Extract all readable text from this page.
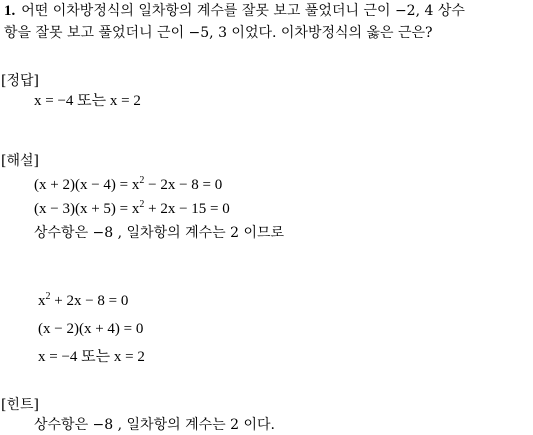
1. 어떤 이차방정식의 일차항의 계수를 잘못 보고 풀었더니 근이 −2, 4 상수
항을 잘못 보고 풀었더니 근이 −5, 3 이었다. 이차방정식의 옳은 근은?
[정답]
x = −4 또는 x = 2
[해설]
$(x + 2)(x - 4) = x^2 - 2x - 8 = 0$
$(x - 3)(x + 5) = x^2 + 2x - 15 = 0$
상수항은 −8 , 일차항의 계수는 2 이므로
$x^2 + 2x - 8 = 0$
(x − 2)(x + 4) = 0
x = −4 또는 x = 2
[힌트]
상수항은 −8 , 일차항의 계수는 2 이다.
